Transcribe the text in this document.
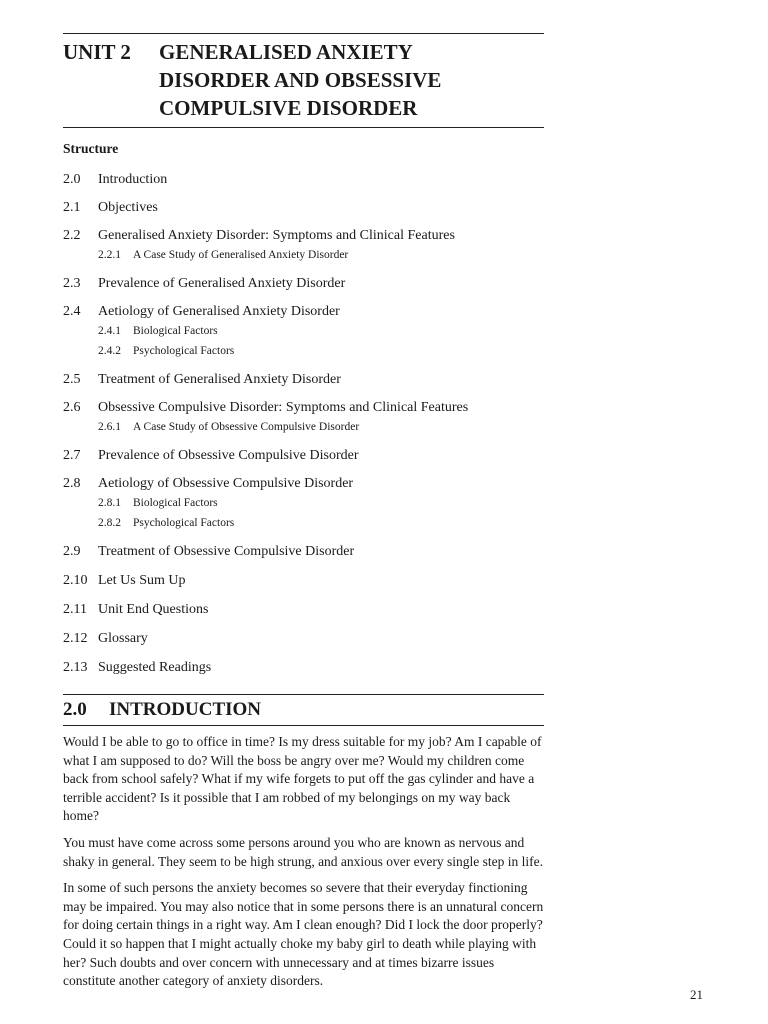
UNIT 2	GENERALISED ANXIETY
DISORDER AND OBSESSIVE
COMPULSIVE DISORDER
Structure
2.0	Introduction
2.1	Objectives
2.2	Generalised Anxiety Disorder: Symptoms and Clinical Features
2.2.1	A Case Study of Generalised Anxiety Disorder
2.3	Prevalence of Generalised Anxiety Disorder
2.4	Aetiology of Generalised Anxiety Disorder
2.4.1	Biological Factors
2.4.2	Psychological Factors
2.5	Treatment of Generalised Anxiety Disorder
2.6	Obsessive Compulsive Disorder: Symptoms and Clinical Features
2.6.1	A Case Study of Obsessive Compulsive Disorder
2.7	Prevalence of Obsessive Compulsive Disorder
2.8	Aetiology of Obsessive Compulsive Disorder
2.8.1	Biological Factors
2.8.2	Psychological Factors
2.9	Treatment of Obsessive Compulsive Disorder
2.10 Let Us Sum Up
2.11 Unit End Questions
2.12 Glossary
2.13 Suggested Readings
2.0	INTRODUCTION

Would I be able to go to office in time? Is my dress suitable for my job? Am I capable of what I am supposed to do? Will the boss be angry over me? Would my children come back from school safely? What if my wife forgets to put off the gas cylinder and have a terrible accident? Is it possible that I am robbed of my belongings on my way back home?

You must have come across some persons around you who are known as nervous and shaky in general. They seem to be high strung, and anxious over every single step in life.

In some of such persons the anxiety becomes so severe that their everyday finctioning may be impaired. You may also notice that in some persons there is an unnatural concern for doing certain things in a right way. Am I clean enough? Did I lock the door properly? Could it so happen that I might actually choke my baby girl to death while playing with her? Such doubts and over concern with unnecessary and at times bizarre issues constitute another category of anxiety disorders.

21
